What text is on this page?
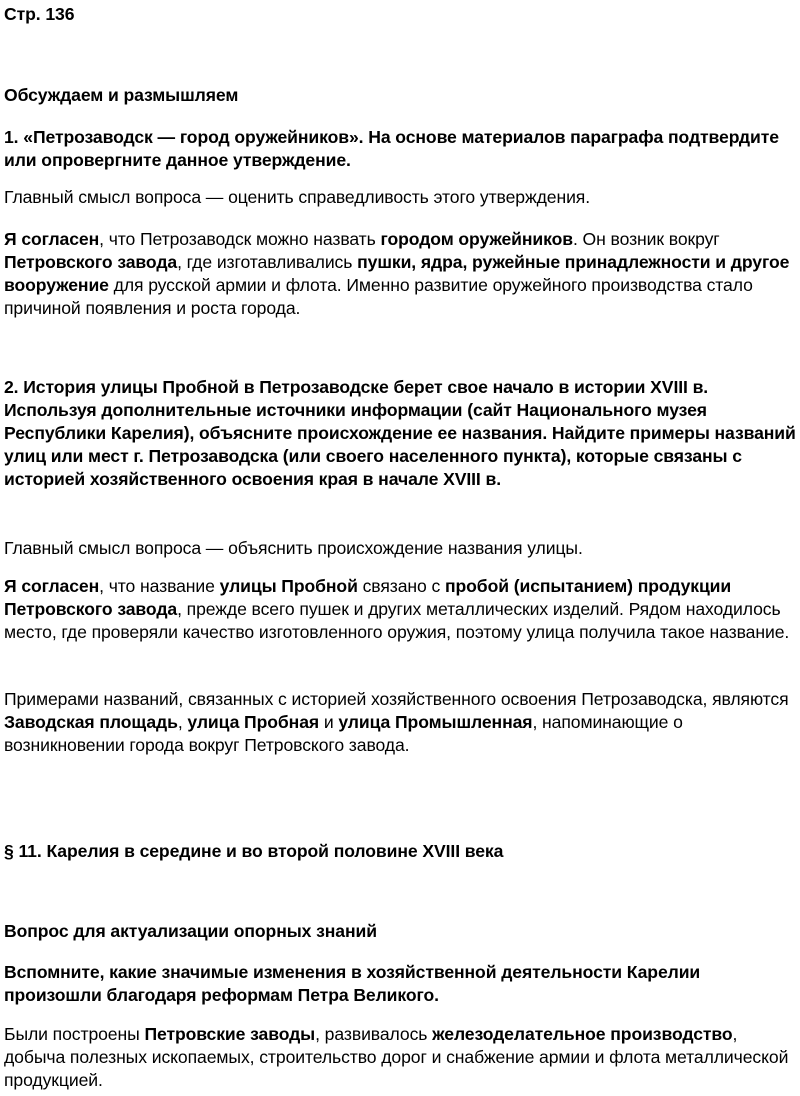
Стр. 136

Обсуждаем и размышляем

1. «Петрозаводск — город оружейников». На основе материалов параграфа подтвердите или опровергните данное утверждение.

Главный смысл вопроса — оценить справедливость этого утверждения.

Я согласен, что Петрозаводск можно назвать городом оружейников. Он возник вокруг Петровского завода, где изготавливались пушки, ядра, ружейные принадлежности и другое вооружение для русской армии и флота. Именно развитие оружейного производства стало причиной появления и роста города.

2. История улицы Пробной в Петрозаводске берет свое начало в истории XVIII в. Используя дополнительные источники информации (сайт Национального музея Республики Карелия), объясните происхождение ее названия. Найдите примеры названий улиц или мест г. Петрозаводска (или своего населенного пункта), которые связаны с историей хозяйственного освоения края в начале XVIII в.

Главный смысл вопроса — объяснить происхождение названия улицы.

Я согласен, что название улицы Пробной связано с пробой (испытанием) продукции Петровского завода, прежде всего пушек и других металлических изделий. Рядом находилось место, где проверяли качество изготовленного оружия, поэтому улица получила такое название.

Примерами названий, связанных с историей хозяйственного освоения Петрозаводска, являются Заводская площадь, улица Пробная и улица Промышленная, напоминающие о возникновении города вокруг Петровского завода.

§ 11. Карелия в середине и во второй половине XVIII века

Вопрос для актуализации опорных знаний

Вспомните, какие значимые изменения в хозяйственной деятельности Карелии произошли благодаря реформам Петра Великого.

Были построены Петровские заводы, развивалось железоделательное производство, добыча полезных ископаемых, строительство дорог и снабжение армии и флота металлической продукцией.
